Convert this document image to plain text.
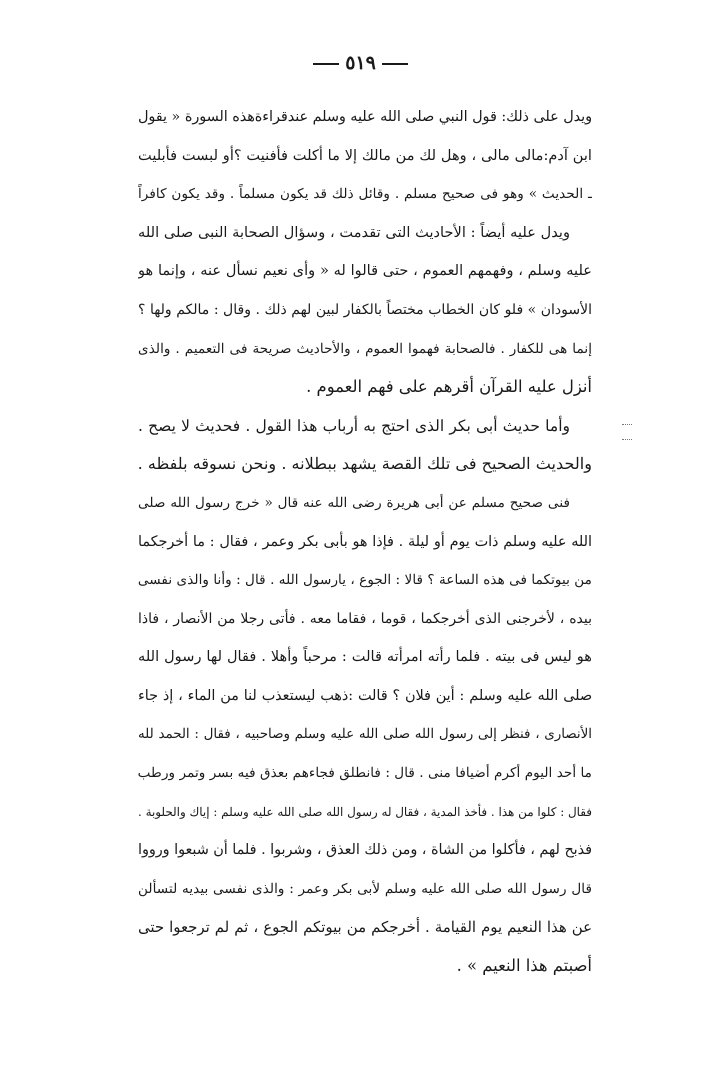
٥١٩
ويدل على ذلك: قول النبي صلى الله عليه وسلم عندقراءةهذه السورة « يقول
ابن آدم:مالى مالى ، وهل لك من مالك إلا ما أكلت فأفنيت ؟أو لبست فأبليت
ـ الحديث » وهو فى صحيح مسلم . وقائل ذلك قد يكون مسلماً . وقد يكون كافراً
ويدل عليه أيضاً : الأحاديث التى تقدمت ، وسؤال الصحابة النبى صلى الله
عليه وسلم ، وفهمهم العموم ، حتى قالوا له « وأى نعيم نسأل عنه ، وإنما هو
الأسودان » فلو كان الخطاب مختصاً بالكفار لبين لهم ذلك . وقال : مالكم ولها ؟
إنما هى للكفار . فالصحابة فهموا العموم ، والأحاديث صريحة فى التعميم . والذى
أنزل عليه القرآن أقرهم على فهم العموم .
وأما حديث أبى بكر الذى احتج به أرباب هذا القول . فحديث لا يصح .
والحديث الصحيح فى تلك القصة يشهد ببطلانه . ونحن نسوقه بلفظه .
فنى صحيح مسلم عن أبى هريرة رضى الله عنه قال « خرج رسول الله صلى
الله عليه وسلم ذات يوم أو ليلة . فإذا هو بأبى بكر وعمر ، فقال : ما أخرجكما
من بيوتكما فى هذه الساعة ؟ قالا : الجوع ، يارسول الله . قال : وأنا والذى نفسى
بيده ، لأخرجنى الذى أخرجكما ، قوما ، فقاما معه . فأتى رجلا من الأنصار ، فاذا
هو ليس فى بيته . فلما رأته امرأته قالت : مرحباً وأهلا . فقال لها رسول الله
صلى الله عليه وسلم : أين فلان ؟ قالت :ذهب ليستعذب لنا من الماء ، إذ جاء
الأنصارى ، فنظر إلى رسول الله صلى الله عليه وسلم وصاحبيه ، فقال : الحمد لله
ما أحد اليوم أكرم أضيافا منى . قال : فانطلق فجاءهم بعذق فيه بسر وتمر ورطب
فقال : كلوا من هذا . فأخذ المدية ، فقال له رسول الله صلى الله عليه وسلم : إياك والحلوبة .
فذبح لهم ، فأكلوا من الشاة ، ومن ذلك العذق ، وشربوا . فلما أن شبعوا ورووا
قال رسول الله صلى الله عليه وسلم لأبى بكر وعمر : والذى نفسى بيديه لتسألن
عن هذا النعيم يوم القيامة . أخرجكم من بيوتكم الجوع ، ثم لم ترجعوا حتى
أصبتم هذا النعيم » .
